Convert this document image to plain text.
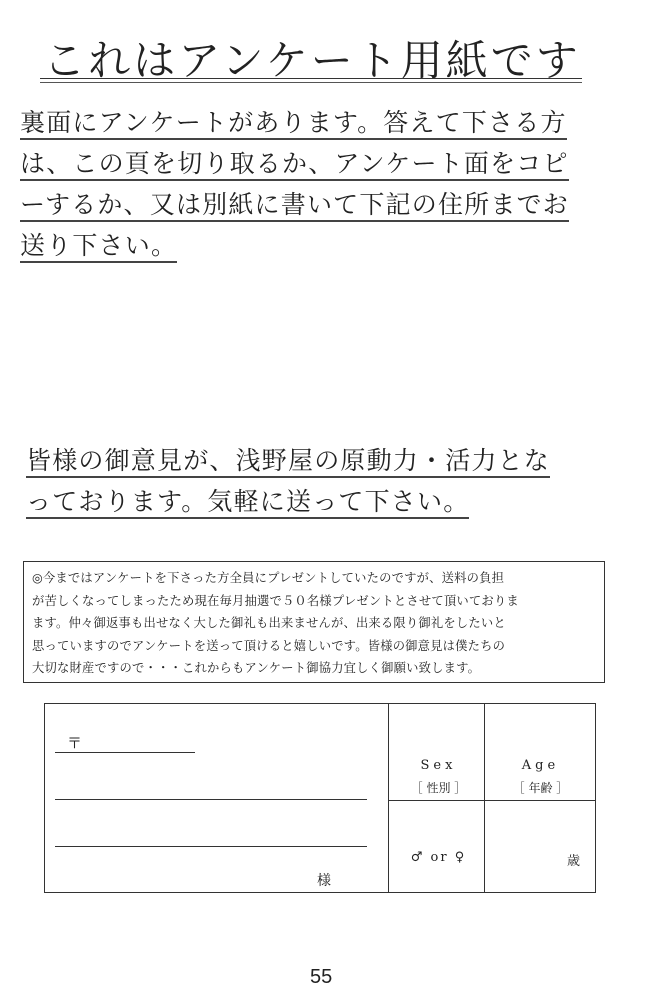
これはアンケート用紙です
裏面にアンケートがあります。答えて下さる方
は、この頁を切り取るか、アンケート面をコピ
ーするか、又は別紙に書いて下記の住所までお
送り下さい。
皆様の御意見が、浅野屋の原動力・活力とな
っております。気軽に送って下さい。
◎今まではアンケートを下さった方全員にプレゼントしていたのですが、送料の負担
が苦しくなってしまったため現在毎月抽選で５０名様プレゼントとさせて頂いておりま
ます。仲々御返事も出せなく大した御礼も出来ませんが、出来る限り御礼をしたいと
思っていますのでアンケートを送って頂けると嬉しいです。皆様の御意見は僕たちの
大切な財産ですので・・・これからもアンケート御協力宜しく御願い致します。
〒
様
Sex
［ 性別 ］
Age
［ 年齢 ］
♂ or ♀	歳
55
